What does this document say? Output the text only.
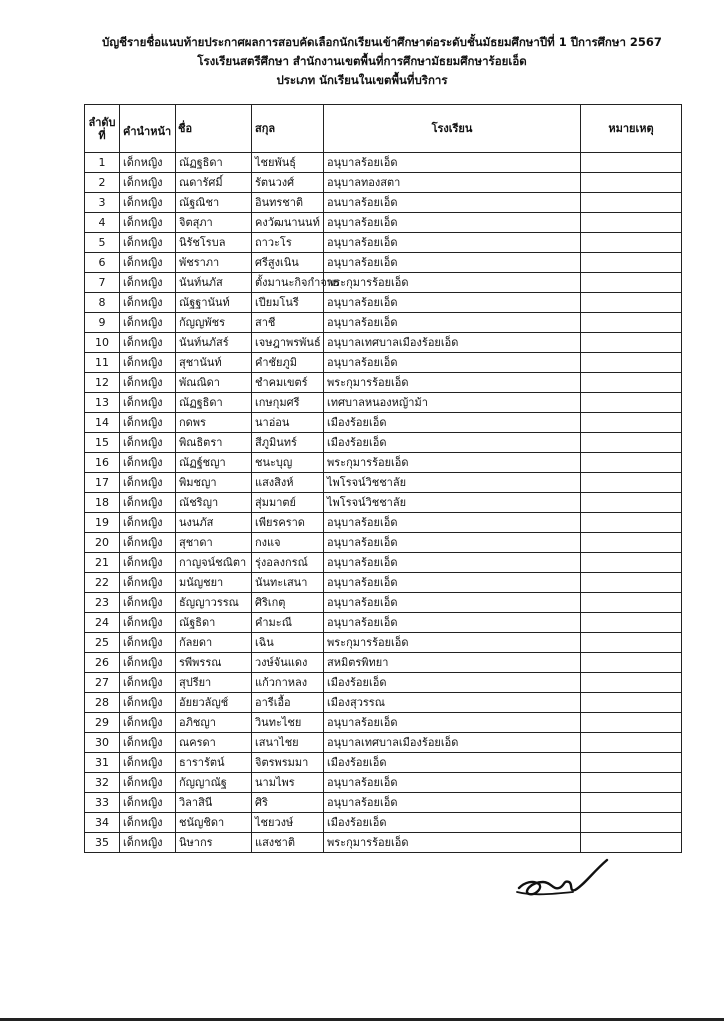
บัญชีรายชื่อแนบท้ายประกาศผลการสอบคัดเลือกนักเรียนเข้าศึกษาต่อระดับชั้นมัธยมศึกษาปีที่ 1 ปีการศึกษา 2567
โรงเรียนสตรีศึกษา สำนักงานเขตพื้นที่การศึกษามัธยมศึกษาร้อยเอ็ด
ประเภท นักเรียนในเขตพื้นที่บริการ
ลำดับ
ที่	คำนำหน้า	ชื่อ	สกุล	โรงเรียน	หมายเหตุ
1	เด็กหญิง	ณัฏฐธิดา	ไชยพันธุ์	อนุบาลร้อยเอ็ด	
2	เด็กหญิง	ณดารัศมิ์	รัตนวงศ์	อนุบาลทองสตา	
3	เด็กหญิง	ณัฐณิชา	อินทรชาติ	อนบาลร้อยเอ็ด	
4	เด็กหญิง	จิตสุภา	คงวัฒนานนท์	อนุบาลร้อยเอ็ด	
5	เด็กหญิง	นิรัชโรบล	ถาวะโร	อนุบาลร้อยเอ็ด	
6	เด็กหญิง	พัชราภา	ศรีสูงเนิน	อนุบาลร้อยเอ็ด	
7	เด็กหญิง	นันท์นภัส	ตั้งมานะกิจกำจาย	พระกุมารร้อยเอ็ด	
8	เด็กหญิง	ณัฐฐานันท์	เปียมโนรี	อนุบาลร้อยเอ็ด	
9	เด็กหญิง	กัญญพัชร	สาชี	อนุบาลร้อยเอ็ด	
10	เด็กหญิง	นันท์นภัสร์	เจษฎาพรพันธ์	อนุบาลเทศบาลเมืองร้อยเอ็ด	
11	เด็กหญิง	สุชานันท์	คำชัยภูมิ	อนุบาลร้อยเอ็ด	
12	เด็กหญิง	พัณณิดา	ชำคมเขตร์	พระกุมารร้อยเอ็ด	
13	เด็กหญิง	ณัฏฐธิดา	เกษกุมศรี	เทศบาลหนองหญ้าม้า	
14	เด็กหญิง	กดพร	นาอ่อน	เมืองร้อยเอ็ด	
15	เด็กหญิง	พิณธิตรา	สีภูมินทร์	เมืองร้อยเอ็ด	
16	เด็กหญิง	ณัฏฐ์ชญา	ชนะบุญ	พระกุมารร้อยเอ็ด	
17	เด็กหญิง	พิมชญา	แสงสิงห์	ไพโรจน์วิชชาลัย	
18	เด็กหญิง	ณัชริญา	สุ่มมาตย์	ไพโรจน์วิชชาลัย	
19	เด็กหญิง	นงนภัส	เพียรคราด	อนุบาลร้อยเอ็ด	
20	เด็กหญิง	สุชาดา	กงแจ	อนุบาลร้อยเอ็ด	
21	เด็กหญิง	กาญจน์ชณิตา	รุ่งอลงกรณ์	อนุบาลร้อยเอ็ด	
22	เด็กหญิง	มนัญชยา	นันทะเสนา	อนุบาลร้อยเอ็ด	
23	เด็กหญิง	ธัญญาวรรณ	ศิริเกตุ	อนุบาลร้อยเอ็ด	
24	เด็กหญิง	ณัฐธิดา	คำมะณี	อนุบาลร้อยเอ็ด	
25	เด็กหญิง	กัลยดา	เฉิน	พระกุมารร้อยเอ็ด	
26	เด็กหญิง	รพีพรรณ	วงษ์จันแดง	สหมิตรพิทยา	
27	เด็กหญิง	สุปรียา	แก้วกาหลง	เมืองร้อยเอ็ด	
28	เด็กหญิง	อัยยวลัญช์	อารีเอื้อ	เมืองสุวรรณ	
29	เด็กหญิง	อภิชญา	วินทะไชย	อนุบาลร้อยเอ็ด	
30	เด็กหญิง	ณครดา	เสนาไชย	อนุบาลเทศบาลเมืองร้อยเอ็ด	
31	เด็กหญิง	ธารารัตน์	จิตรพรมมา	เมืองร้อยเอ็ด	
32	เด็กหญิง	กัญญาณัฐ	นามไพร	อนุบาลร้อยเอ็ด	
33	เด็กหญิง	วิลาสินี	ศิริ	อนุบาลร้อยเอ็ด	
34	เด็กหญิง	ชนัญชิดา	ไชยวงษ์	เมืองร้อยเอ็ด	
35	เด็กหญิง	นิษากร	แสงชาติ	พระกุมารร้อยเอ็ด	
